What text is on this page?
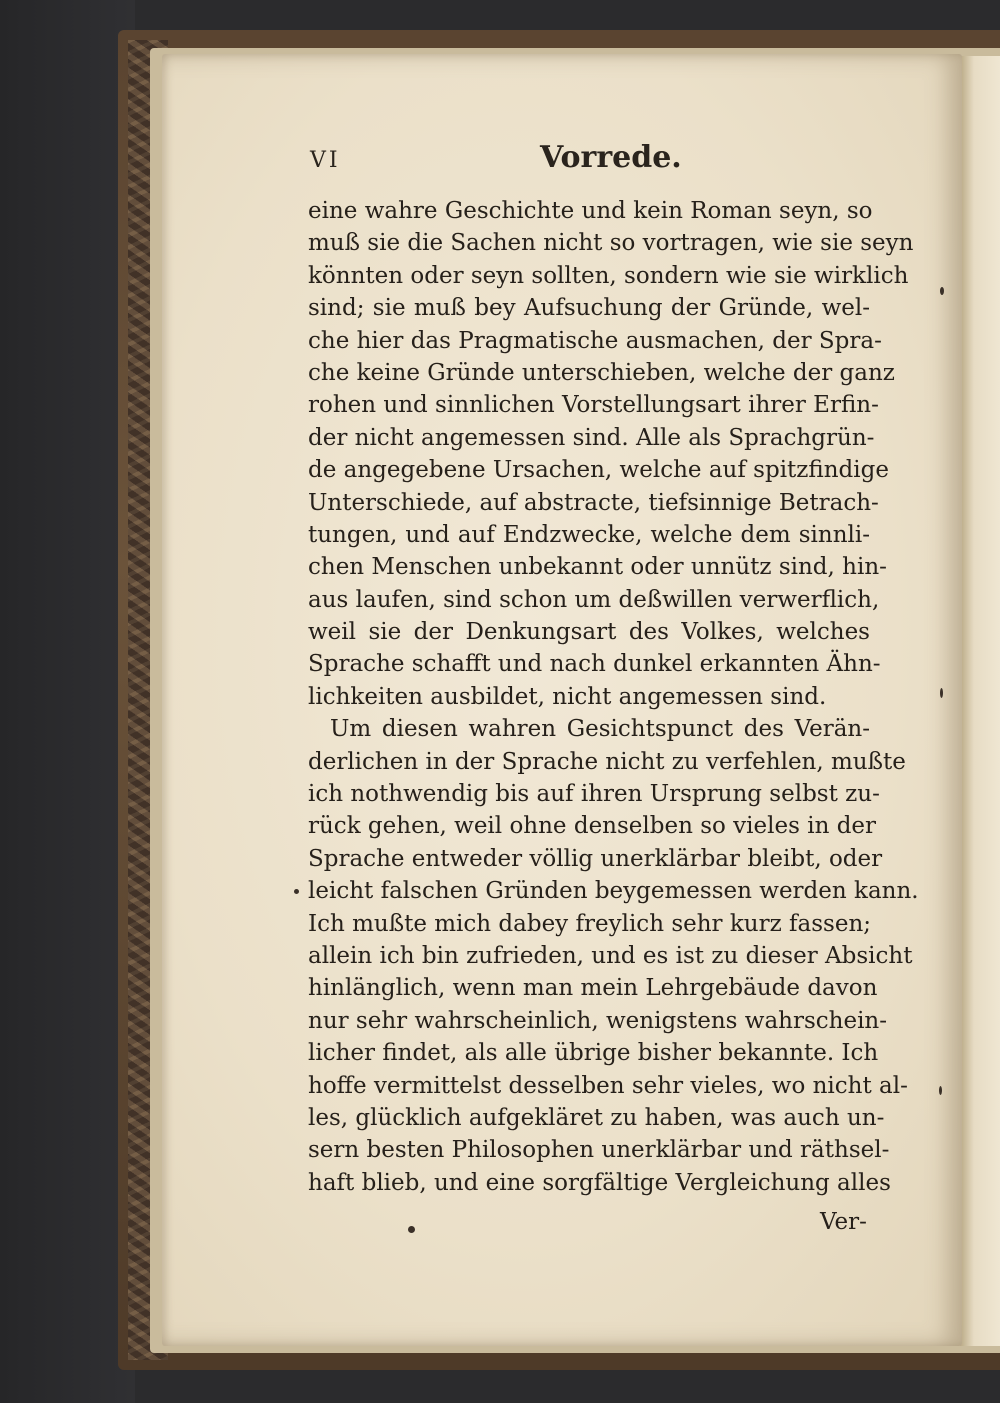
VI	Vorrede.
eine wahre Geschichte und kein Roman seyn, so
muß sie die Sachen nicht so vortragen, wie sie seyn
könnten oder seyn sollten, sondern wie sie wirklich
sind; sie muß bey Aufsuchung der Gründe, wel-
che hier das Pragmatische ausmachen, der Spra-
che keine Gründe unterschieben, welche der ganz
rohen und sinnlichen Vorstellungsart ihrer Erfin-
der nicht angemessen sind. Alle als Sprachgrün-
de angegebene Ursachen, welche auf spitzfindige
Unterschiede, auf abstracte, tiefsinnige Betrach-
tungen, und auf Endzwecke, welche dem sinnli-
chen Menschen unbekannt oder unnütz sind, hin-
aus laufen, sind schon um deßwillen verwerflich,
weil sie der Denkungsart des Volkes, welches
Sprache schafft und nach dunkel erkannten Ähn-
lichkeiten ausbildet, nicht angemessen sind.
Um diesen wahren Gesichtspunct des Verän-
derlichen in der Sprache nicht zu verfehlen, mußte
ich nothwendig bis auf ihren Ursprung selbst zu-
rück gehen, weil ohne denselben so vieles in der
Sprache entweder völlig unerklärbar bleibt, oder
leicht falschen Gründen beygemessen werden kann.
Ich mußte mich dabey freylich sehr kurz fassen;
allein ich bin zufrieden, und es ist zu dieser Absicht
hinlänglich, wenn man mein Lehrgebäude davon
nur sehr wahrscheinlich, wenigstens wahrschein-
licher findet, als alle übrige bisher bekannte. Ich
hoffe vermittelst desselben sehr vieles, wo nicht al-
les, glücklich aufgekläret zu haben, was auch un-
sern besten Philosophen unerklärbar und räthsel-
haft blieb, und eine sorgfältige Vergleichung alles
Ver-
